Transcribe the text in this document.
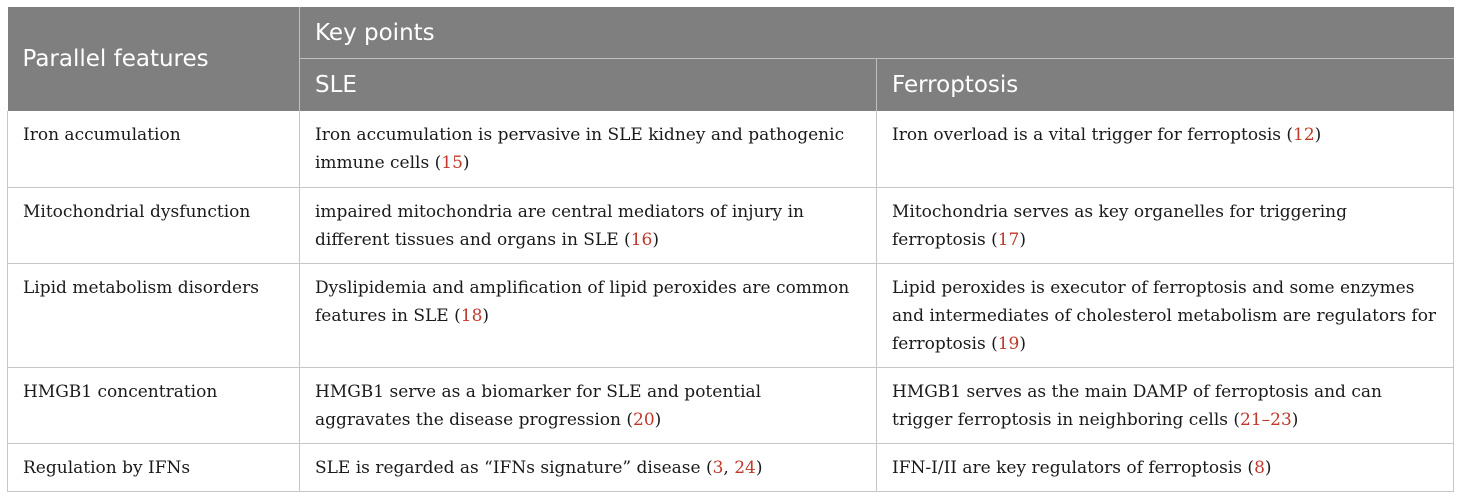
Parallel features	Key points	
	SLE	Ferroptosis
Iron accumulation	Iron accumulation is pervasive in SLE kidney and pathogenic immune cells (15)	Iron overload is a vital trigger for ferroptosis (12)
Mitochondrial dysfunction	impaired mitochondria are central mediators of injury in different tissues and organs in SLE (16)	Mitochondria serves as key organelles for triggering ferroptosis (17)
Lipid metabolism disorders	Dyslipidemia and amplification of lipid peroxides are common features in SLE (18)	Lipid peroxides is executor of ferroptosis and some enzymes and intermediates of cholesterol metabolism are regulators for ferroptosis (19)
HMGB1 concentration	HMGB1 serve as a biomarker for SLE and potential aggravates the disease progression (20)	HMGB1 serves as the main DAMP of ferroptosis and can trigger ferroptosis in neighboring cells (21–23)
Regulation by IFNs	SLE is regarded as “IFNs signature” disease (3, 24)	IFN-I/II are key regulators of ferroptosis (8)
